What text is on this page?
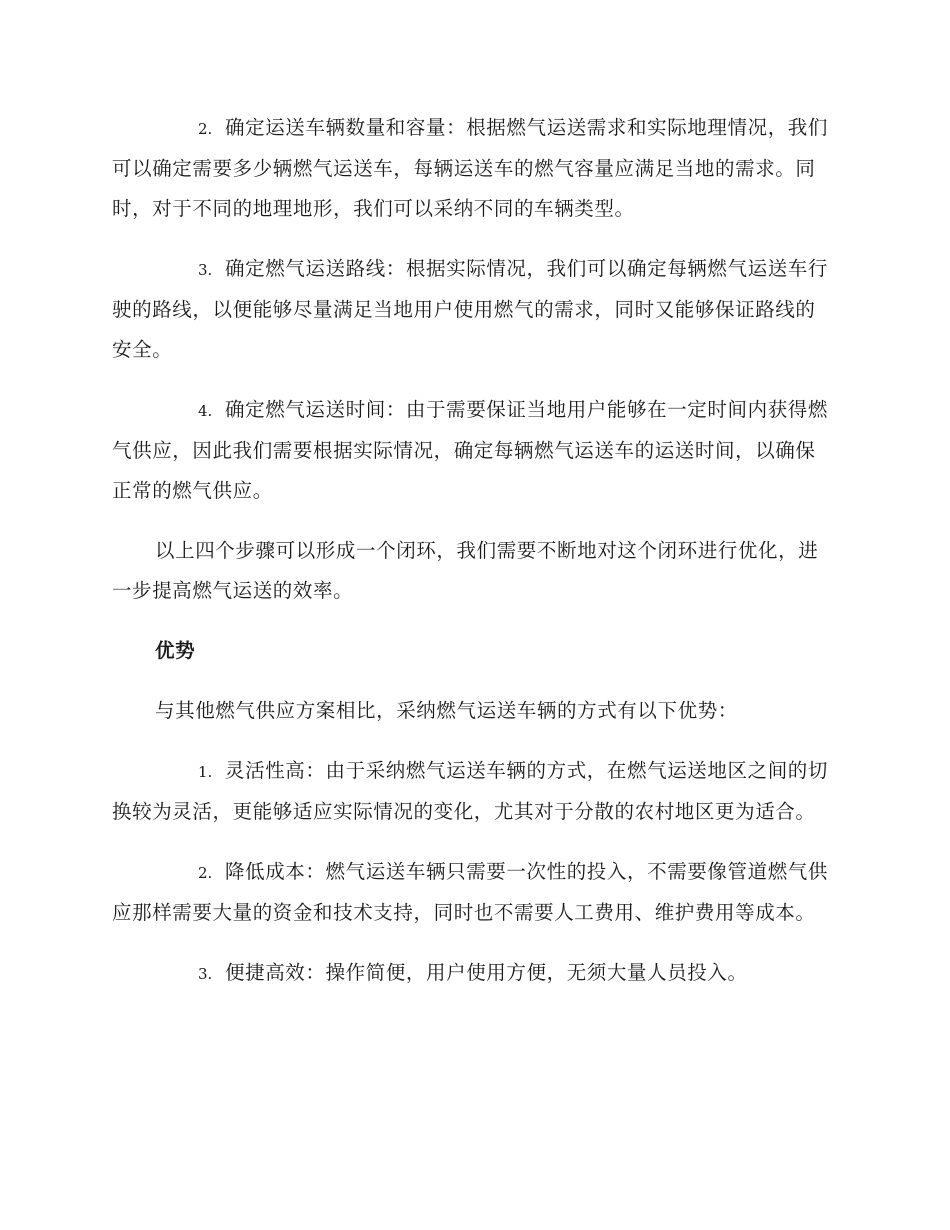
2. 确定运送车辆数量和容量：根据燃气运送需求和实际地理情况，我们可以确定需要多少辆燃气运送车，每辆运送车的燃气容量应满足当地的需求。同时，对于不同的地理地形，我们可以采纳不同的车辆类型。

3. 确定燃气运送路线：根据实际情况，我们可以确定每辆燃气运送车行驶的路线，以便能够尽量满足当地用户使用燃气的需求，同时又能够保证路线的安全。

4. 确定燃气运送时间：由于需要保证当地用户能够在一定时间内获得燃气供应，因此我们需要根据实际情况，确定每辆燃气运送车的运送时间，以确保正常的燃气供应。

以上四个步骤可以形成一个闭环，我们需要不断地对这个闭环进行优化，进一步提高燃气运送的效率。

优势

与其他燃气供应方案相比，采纳燃气运送车辆的方式有以下优势：

1. 灵活性高：由于采纳燃气运送车辆的方式，在燃气运送地区之间的切换较为灵活，更能够适应实际情况的变化，尤其对于分散的农村地区更为适合。

2. 降低成本：燃气运送车辆只需要一次性的投入，不需要像管道燃气供应那样需要大量的资金和技术支持，同时也不需要人工费用、维护费用等成本。

3. 便捷高效：操作简便，用户使用方便，无须大量人员投入。
